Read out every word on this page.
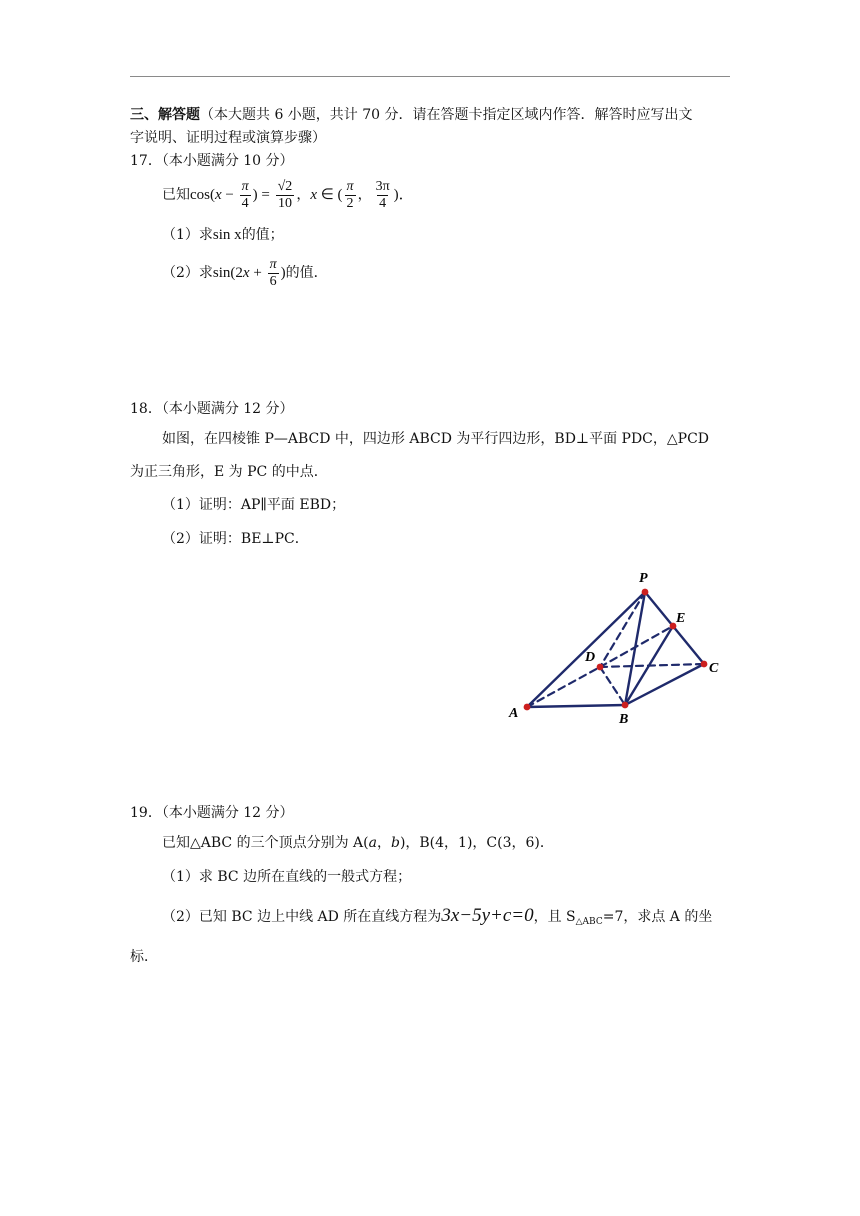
三、解答题（本大题共 6 小题，共计 70 分．请在答题卡指定区域内作答．解答时应写出文
字说明、证明过程或演算步骤）
17．（本小题满分 10 分）
已知$\cos(x - \frac{\pi}{4}$ ) = $\frac{√2}{10}$ ，x ∈ ( $\frac{\pi}{2}$ ， $\frac{3\pi}{4}$ )．
（1）求sin x的值；
（2）求$\sin(2x + \frac{\pi}{6}$ )的值．
18．（本小题满分 12 分）
如图，在四棱锥 P—ABCD 中，四边形 ABCD 为平行四边形，BD⊥平面 PDC，△PCD
为正三角形，E 为 PC 的中点．
（1）证明：AP∥平面 EBD；
（2）证明：BE⊥PC．
P
E
D
C
A	B
19．（本小题满分 12 分）
已知△ABC 的三个顶点分别为 A(a，b)，B(4，1)，C(3，6)．
（1）求 BC 边所在直线的一般式方程；
（2）已知 BC 边上中线 AD 所在直线方程为3x−5y+c=0，且 $S_{\triangle ABC}=7$，求点 A 的坐
标．
